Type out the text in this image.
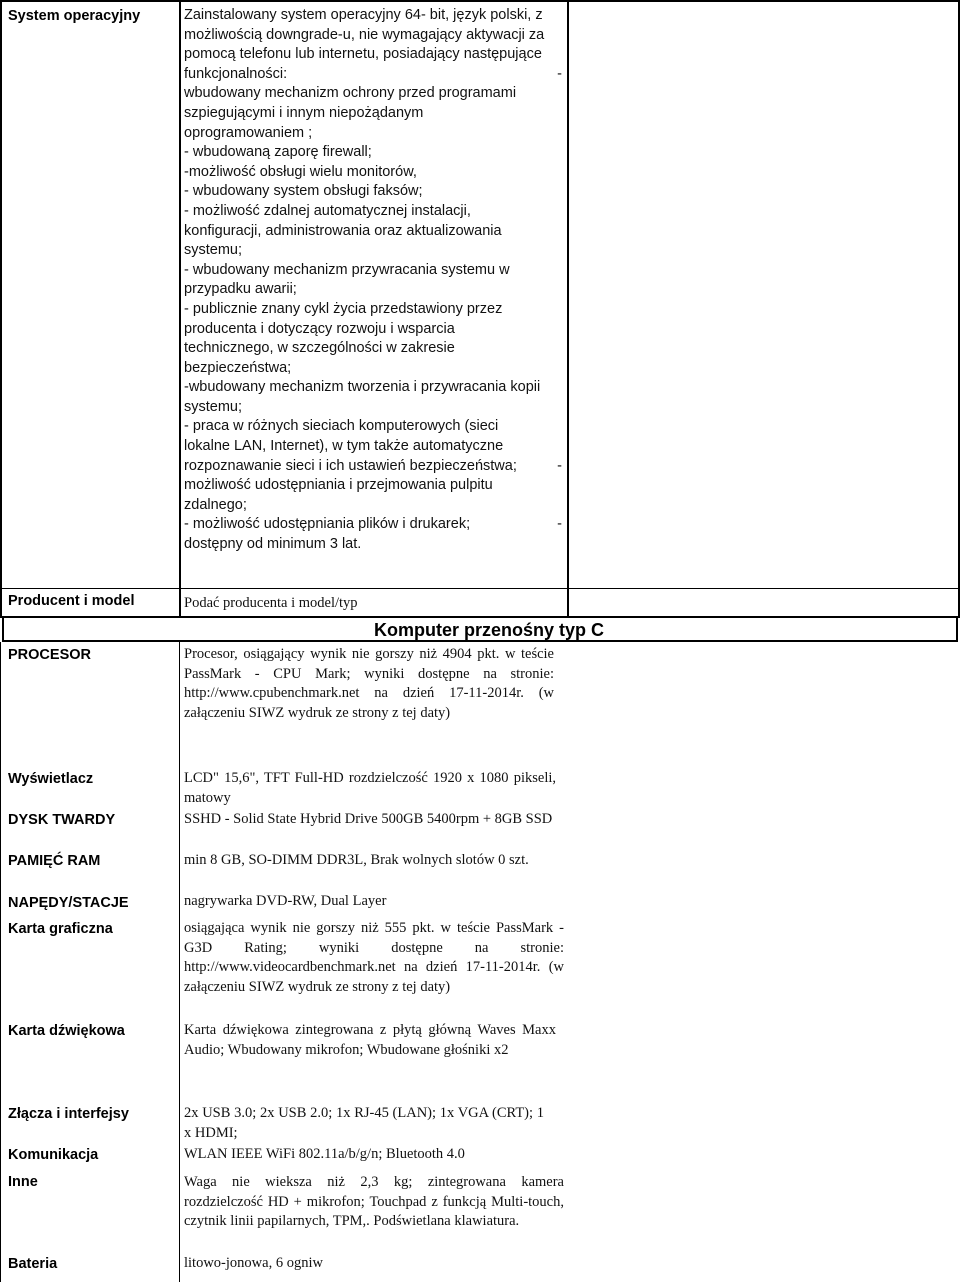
System operacyjny	Zainstalowany system operacyjny 64- bit, język polski, z
możliwością downgrade-u, nie wymagający aktywacji za
pomocą telefonu lub internetu, posiadający następujące
funkcjonalności:	-
wbudowany mechanizm ochrony przed programami
szpiegującymi i innym niepożądanym
oprogramowaniem ;
- wbudowaną zaporę firewall;
-możliwość obsługi wielu monitorów,
- wbudowany system obsługi faksów;
- możliwość zdalnej automatycznej instalacji,
konfiguracji, administrowania oraz aktualizowania
systemu;
- wbudowany mechanizm przywracania systemu w
przypadku awarii;
- publicznie znany cykl życia przedstawiony przez
producenta i dotyczący rozwoju i wsparcia
technicznego, w szczególności w zakresie
bezpieczeństwa;
-wbudowany mechanizm tworzenia i przywracania kopii
systemu;
- praca w różnych sieciach komputerowych (sieci
lokalne LAN, Internet), w tym także automatyczne
rozpoznawanie sieci i ich ustawień bezpieczeństwa;	-
możliwość udostępniania i przejmowania pulpitu
zdalnego;
- możliwość udostępniania plików i drukarek;	-
dostępny od minimum 3 lat.
Producent i model	Podać producenta i model/typ
Komputer przenośny typ C
PROCESOR	Procesor, osiągający wynik nie gorszy niż 4904 pkt. w teście PassMark - CPU Mark; wyniki dostępne na stronie: http://www.cpubenchmark.net na dzień 17-11-2014r. (w załączeniu SIWZ wydruk ze strony z tej daty)
Wyświetlacz	LCD" 15,6", TFT Full-HD rozdzielczość 1920 x 1080 pikseli, matowy
DYSK TWARDY	SSHD - Solid State Hybrid Drive 500GB 5400rpm + 8GB SSD
PAMIĘĆ RAM	min 8 GB, SO-DIMM DDR3L, Brak wolnych slotów 0 szt.
NAPĘDY/STACJE	nagrywarka DVD-RW, Dual Layer
Karta graficzna	osiągająca wynik nie gorszy niż 555 pkt. w teście PassMark - G3D Rating; wyniki dostępne na stronie: http://www.videocardbenchmark.net na dzień 17-11-2014r. (w załączeniu SIWZ wydruk ze strony z tej daty)
Karta dźwiękowa	Karta dźwiękowa zintegrowana z płytą główną Waves Maxx Audio; Wbudowany mikrofon; Wbudowane głośniki x2
Złącza i interfejsy	2x USB 3.0; 2x USB 2.0; 1x RJ-45 (LAN); 1x VGA (CRT); 1 x HDMI;
Komunikacja	WLAN IEEE WiFi 802.11a/b/g/n; Bluetooth 4.0
Inne	Waga nie wieksza niż 2,3 kg; zintegrowana kamera rozdzielczość HD + mikrofon; Touchpad z funkcją Multi-touch, czytnik linii papilarnych, TPM,. Podświetlana klawiatura.
Bateria	litowo-jonowa, 6 ogniw
